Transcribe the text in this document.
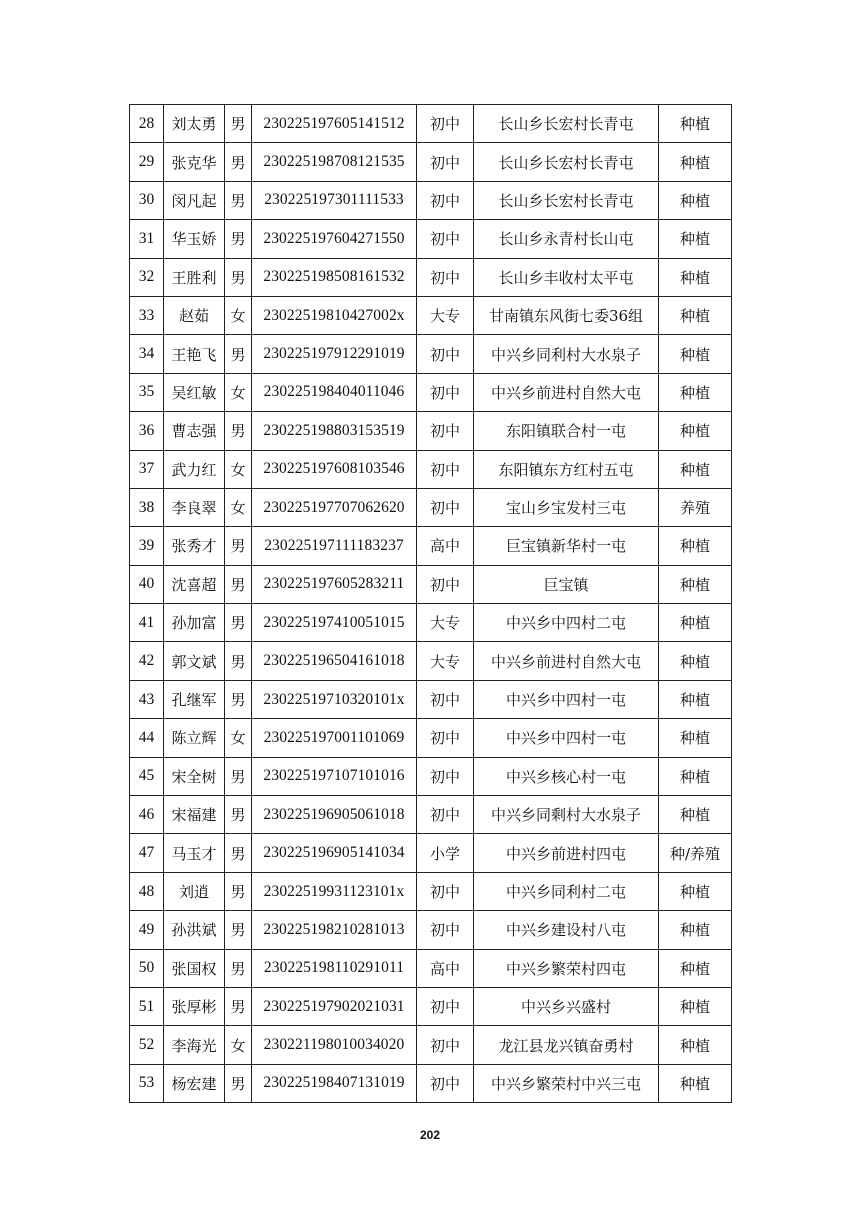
28	刘太勇	男	230225197605141512	初中	长山乡长宏村长青屯	种植
29	张克华	男	230225198708121535	初中	长山乡长宏村长青屯	种植
30	闵凡起	男	230225197301111533	初中	长山乡长宏村长青屯	种植
31	华玉娇	男	230225197604271550	初中	长山乡永青村长山屯	种植
32	王胜利	男	230225198508161532	初中	长山乡丰收村太平屯	种植
33	赵茹	女	23022519810427002x	大专	甘南镇东风街七委36组	种植
34	王艳飞	男	230225197912291019	初中	中兴乡同利村大水泉子	种植
35	吴红敏	女	230225198404011046	初中	中兴乡前进村自然大屯	种植
36	曹志强	男	230225198803153519	初中	东阳镇联合村一屯	种植
37	武力红	女	230225197608103546	初中	东阳镇东方红村五屯	种植
38	李良翠	女	230225197707062620	初中	宝山乡宝发村三屯	养殖
39	张秀才	男	230225197111183237	高中	巨宝镇新华村一屯	种植
40	沈喜超	男	230225197605283211	初中	巨宝镇	种植
41	孙加富	男	230225197410051015	大专	中兴乡中四村二屯	种植
42	郭文斌	男	230225196504161018	大专	中兴乡前进村自然大屯	种植
43	孔继军	男	23022519710320101x	初中	中兴乡中四村一屯	种植
44	陈立辉	女	230225197001101069	初中	中兴乡中四村一屯	种植
45	宋全树	男	230225197107101016	初中	中兴乡核心村一屯	种植
46	宋福建	男	230225196905061018	初中	中兴乡同剩村大水泉子	种植
47	马玉才	男	230225196905141034	小学	中兴乡前进村四屯	种/养殖
48	刘逍	男	23022519931123101x	初中	中兴乡同利村二屯	种植
49	孙洪斌	男	230225198210281013	初中	中兴乡建设村八屯	种植
50	张国权	男	230225198110291011	高中	中兴乡繁荣村四屯	种植
51	张厚彬	男	230225197902021031	初中	中兴乡兴盛村	种植
52	李海光	女	230221198010034020	初中	龙江县龙兴镇奋勇村	种植
53	杨宏建	男	230225198407131019	初中	中兴乡繁荣村中兴三屯	种植
202
